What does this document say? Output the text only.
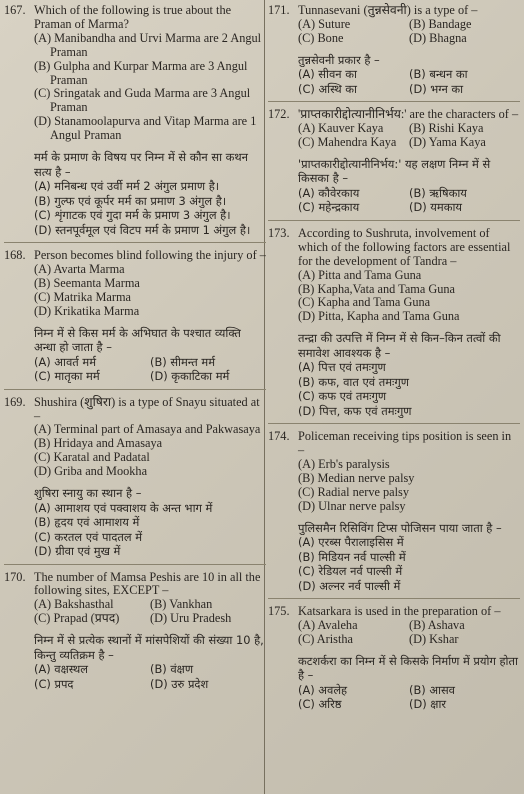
167. Which of the following is true about the Praman of Marma?
(A) Manibandha and Urvi Marma are 2 Angul Praman
(B) Gulpha and Kurpar Marma are 3 Angul Praman
(C) Sringatak and Guda Marma are 3 Angul Praman
(D) Stanamoolapurva and Vitap Marma are 1 Angul Praman
मर्म के प्रमाण के विषय पर निम्न में से कौन सा कथन सत्य है –
(A) मनिबन्ध एवं उर्वी मर्म 2 अंगुल प्रमाण है।
(B) गुल्फ एवं कूर्पर मर्म का प्रमाण 3 अंगुल है।
(C) शृंगाटक एवं गुदा मर्म के प्रमाण 3 अंगुल है।
(D) स्तनपूर्वमूल एवं विटप मर्म के प्रमाण 1 अंगुल है।
168. Person becomes blind following the injury of –
(A) Avarta Marma
(B) Seemanta Marma
(C) Matrika Marma
(D) Krikatika Marma
निम्न में से किस मर्म के अभिघात के पश्चात व्यक्ति अन्धा हो जाता है –
(A) आवर्त मर्म	(B) सीमन्त मर्म
(C) मातृका मर्म	(D) कृकाटिका मर्म
169. Shushira (शुषिरा) is a type of Snayu situated at –
(A) Terminal part of Amasaya and Pakwasaya
(B) Hridaya and Amasaya
(C) Karatal and Padatal
(D) Griba and Mookha
शुषिरा स्नायु का स्थान है –
(A) आमाशय एवं पक्वाशय के अन्त भाग में
(B) हृदय एवं आमाशय में
(C) करतल एवं पादतल में
(D) ग्रीवा एवं मुख में
170. The number of Mamsa Peshis are 10 in all the following sites, EXCEPT –
(A) Bakshasthal	(B) Vankhan
(C) Prapad (प्रपद)	(D) Uru Pradesh
निम्न में से प्रत्येक स्थानों में मांसपेशियों की संख्या 10 है, किन्तु व्यतिक्रम है –
(A) वक्षस्थल	(B) वंक्षण
(C) प्रपद	(D) उरु प्रदेश
171. Tunnasevani (तुन्नसेवनी) is a type of –
(A) Suture	(B) Bandage
(C) Bone	(D) Bhagna
तुन्नसेवनी प्रकार है –
(A) सीवन का	(B) बन्धन का
(C) अस्थि का	(D) भग्न का
172. 'प्राप्तकारीद्दोत्यानीनिर्भय:' are the characters of –
(A) Kauver Kaya	(B) Rishi Kaya
(C) Mahendra Kaya	(D) Yama Kaya
'प्राप्तकारीद्दोत्यानीनिर्भय:' यह लक्षण निम्न में से किसका है –
(A) कौवेरकाय	(B) ऋषिकाय
(C) महेन्द्रकाय	(D) यमकाय
173. According to Sushruta, involvement of which of the following factors are essential for the development of Tandra –
(A) Pitta and Tama Guna
(B) Kapha,Vata and Tama Guna
(C) Kapha and Tama Guna
(D) Pitta, Kapha and Tama Guna
तन्द्रा की उत्पत्ति में निम्न में से किन–किन तत्वों की समावेश आवश्यक है –
(A) पित्त एवं तमःगुण
(B) कफ, वात एवं तमःगुण
(C) कफ एवं तमःगुण
(D) पित्त, कफ एवं तमःगुण
174. Policeman receiving tips position is seen in –
(A) Erb's paralysis
(B) Median nerve palsy
(C) Radial nerve palsy
(D) Ulnar nerve palsy
पुलिसमैन रिसिविंग टिप्स पोजिसन पाया जाता है –
(A) एरब्स पैरालाइसिस में
(B) मिडियन नर्व पाल्सी में
(C) रेडियल नर्व पाल्सी में
(D) अल्नर नर्व पाल्सी में
175. Katsarkara is used in the preparation of –
(A) Avaleha	(B) Ashava
(C) Aristha	(D) Kshar
कटशर्करा का निम्न में से किसके निर्माण में प्रयोग होता है –
(A) अवलेह	(B) आसव
(C) अरिष्ठ	(D) क्षार
